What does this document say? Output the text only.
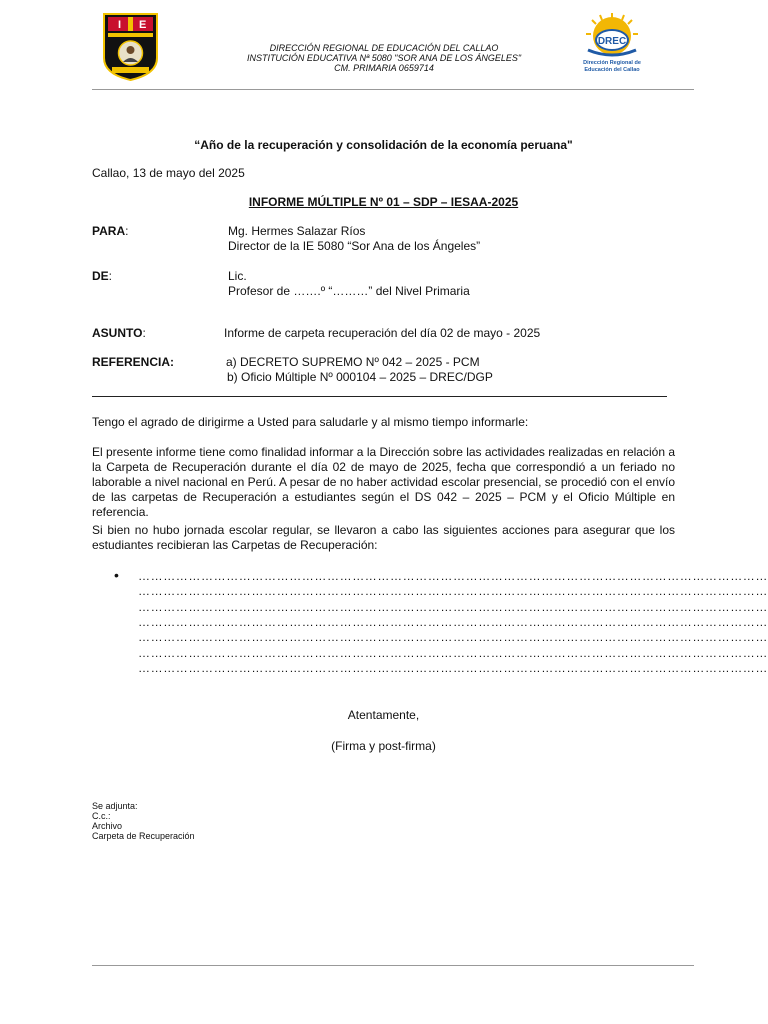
I E
DIRECCIÓN REGIONAL DE EDUCACIÓN DEL CALLAO
INSTITUCIÓN EDUCATIVA Nª 5080 "SOR ANA DE LOS ÁNGELES"
CM. PRIMARIA 0659714
DREC
Dirección Regional de
Educación del Callao
“Año de la recuperación y consolidación de la economía peruana"
Callao, 13 de mayo del 2025
INFORME MÚLTIPLE Nº 01 – SDP – IESAA-2025
PARA:	Mg. Hermes Salazar Ríos
Director de la IE 5080 “Sor Ana de los Ángeles”
DE:	Lic.
Profesor de …….º “………” del Nivel Primaria
ASUNTO:	Informe de carpeta recuperación del día 02 de mayo - 2025
REFERENCIA:	a) DECRETO SUPREMO Nº 042 – 2025 - PCM
b) Oficio Múltiple Nº 000104 – 2025 – DREC/DGP
Tengo el agrado de dirigirme a Usted para saludarle y al mismo tiempo informarle:
El presente informe tiene como finalidad informar a la Dirección sobre las actividades realizadas en relación a la Carpeta de Recuperación durante el día 02 de mayo de 2025, fecha que correspondió a un feriado no laborable a nivel nacional en Perú. A pesar de no haber actividad escolar presencial, se procedió con el envío de las carpetas de Recuperación a estudiantes según el DS 042 – 2025 – PCM y el Oficio Múltiple en referencia.
Si bien no hubo jornada escolar regular, se llevaron a cabo las siguientes acciones para asegurar que los estudiantes recibieran las Carpetas de Recuperación:
• ……………………………………………………………………………………………………………………………………
……………………………………………………………………………………………………………………………………
……………………………………………………………………………………………………………………………………
……………………………………………………………………………………………………………………………………
……………………………………………………………………………………………………………………………………
……………………………………………………………………………………………………………………………………
……………………………………………………………………………………………………………………………………
Atentamente,
(Firma y post-firma)
Se adjunta:
C.c.:
Archivo
Carpeta de Recuperación
